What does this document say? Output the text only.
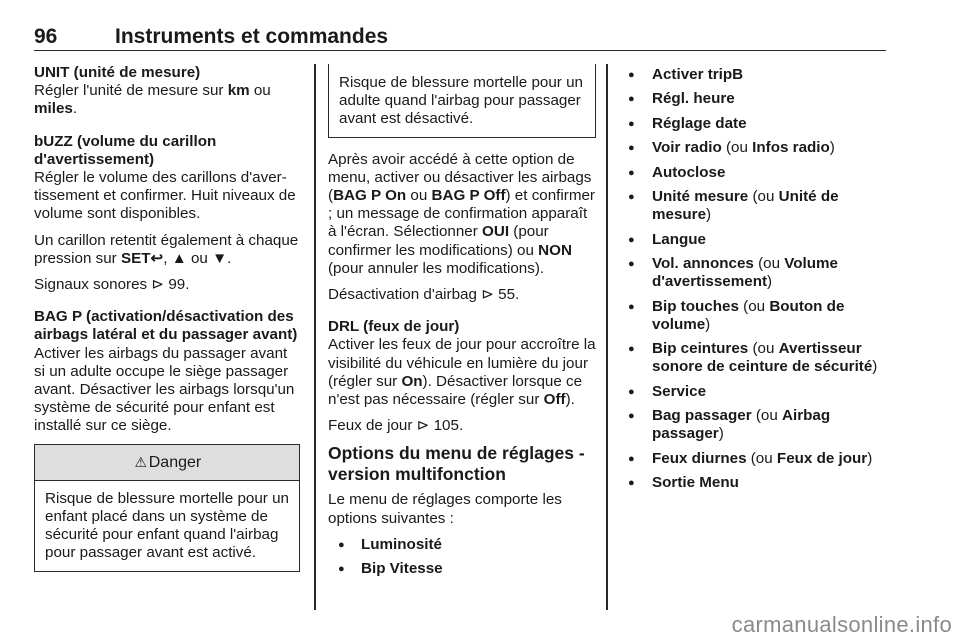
96	Instruments et commandes
UNIT (unité de mesure)

Régler l'unité de mesure sur km ou miles.

bUZZ (volume du carillon d'avertissement)

Régler le volume des carillons d'avertissement et confirmer. Huit niveaux de volume sont disponibles.

Un carillon retentit également à chaque pression sur SET↩, ▲ ou ▼.

Signaux sonores ⊳ 99.

BAG P (activation/désactivation des airbags latéral et du passager avant)

Activer les airbags du passager avant si un adulte occupe le siège passager avant. Désactiver les airbags lorsqu'un système de sécurité pour enfant est installé sur ce siège.

⚠ Danger
Risque de blessure mortelle pour un enfant placé dans un système de sécurité pour enfant quand l'airbag pour passager avant est activé.
Risque de blessure mortelle pour un adulte quand l'airbag pour passager avant est désactivé.

Après avoir accédé à cette option de menu, activer ou désactiver les airbags (BAG P On ou BAG P Off) et confirmer ; un message de confirmation apparaît à l'écran. Sélectionner OUI (pour confirmer les modifications) ou NON (pour annuler les modifications).

Désactivation d'airbag ⊳ 55.

DRL (feux de jour)

Activer les feux de jour pour accroître la visibilité du véhicule en lumière du jour (régler sur On). Désactiver lorsque ce n'est pas nécessaire (régler sur Off).

Feux de jour ⊳ 105.

Options du menu de réglages - version multifonction

Le menu de réglages comporte les options suivantes :

● Luminosité
● Bip Vitesse
● Activer tripB
● Régl. heure
● Réglage date
● Voir radio (ou Infos radio)
● Autoclose
● Unité mesure (ou Unité de mesure)
● Langue
● Vol. annonces (ou Volume d'avertissement)
● Bip touches (ou Bouton de volume)
● Bip ceintures (ou Avertisseur sonore de ceinture de sécurité)
● Service
● Bag passager (ou Airbag passager)
● Feux diurnes (ou Feux de jour)
● Sortie Menu
carmanualsonline.info
